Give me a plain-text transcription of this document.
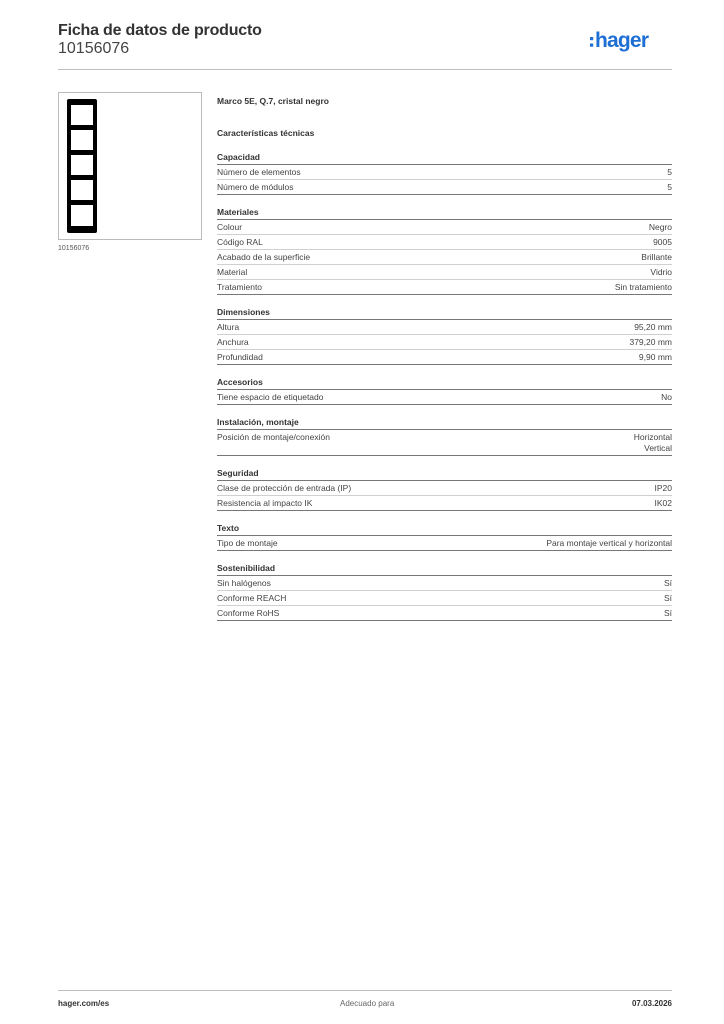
Ficha de datos de producto
10156076	hager
10156076
Marco 5E, Q.7, cristal negro
Características técnicas
Capacidad
Número de elementos	5
Número de módulos	5
Materiales
Colour	Negro
Código RAL	9005
Acabado de la superficie	Brillante
Material	Vidrio
Tratamiento	Sin tratamiento
Dimensiones
Altura	95,20 mm
Anchura	379,20 mm
Profundidad	9,90 mm
Accesorios
Tiene espacio de etiquetado	No
Instalación, montaje
Posición de montaje/conexión	Horizontal
Vertical
Seguridad
Clase de protección de entrada (IP)	IP20
Resistencia al impacto IK	IK02
Texto
Tipo de montaje	Para montaje vertical y horizontal
Sostenibilidad
Sin halógenos	Sí
Conforme REACH	Sí
Conforme RoHS	Sí
hager.com/es	Adecuado para	07.03.2026
